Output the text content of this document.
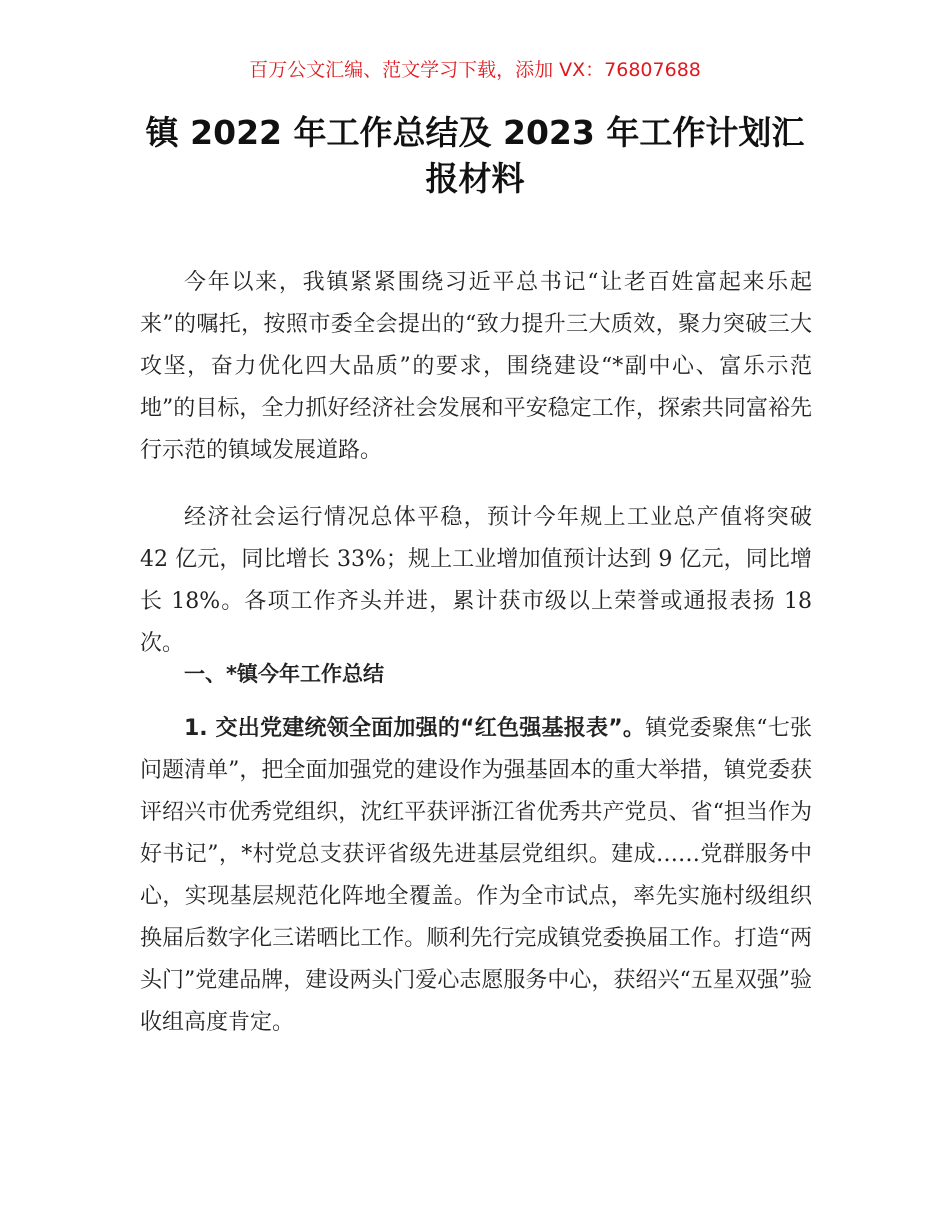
百万公文汇编、范文学习下载，添加 VX：76807688
镇 2022 年工作总结及 2023 年工作计划汇报材料

今年以来，我镇紧紧围绕习近平总书记“让老百姓富起来乐起来”的嘱托，按照市委全会提出的“致力提升三大质效，聚力突破三大攻坚，奋力优化四大品质”的要求，围绕建设“*副中心、富乐示范地”的目标，全力抓好经济社会发展和平安稳定工作，探索共同富裕先行示范的镇域发展道路。

经济社会运行情况总体平稳，预计今年规上工业总产值将突破 42 亿元，同比增长 33%；规上工业增加值预计达到 9 亿元，同比增长 18%。各项工作齐头并进，累计获市级以上荣誉或通报表扬 18 次。

一、*镇今年工作总结

1. 交出党建统领全面加强的“红色强基报表”。镇党委聚焦“七张问题清单”，把全面加强党的建设作为强基固本的重大举措，镇党委获评绍兴市优秀党组织，沈红平获评浙江省优秀共产党员、省“担当作为好书记”，*村党总支获评省级先进基层党组织。建成……党群服务中心，实现基层规范化阵地全覆盖。作为全市试点，率先实施村级组织换届后数字化三诺晒比工作。顺利先行完成镇党委换届工作。打造“两头门”党建品牌，建设两头门爱心志愿服务中心，获绍兴“五星双强”验收组高度肯定。
